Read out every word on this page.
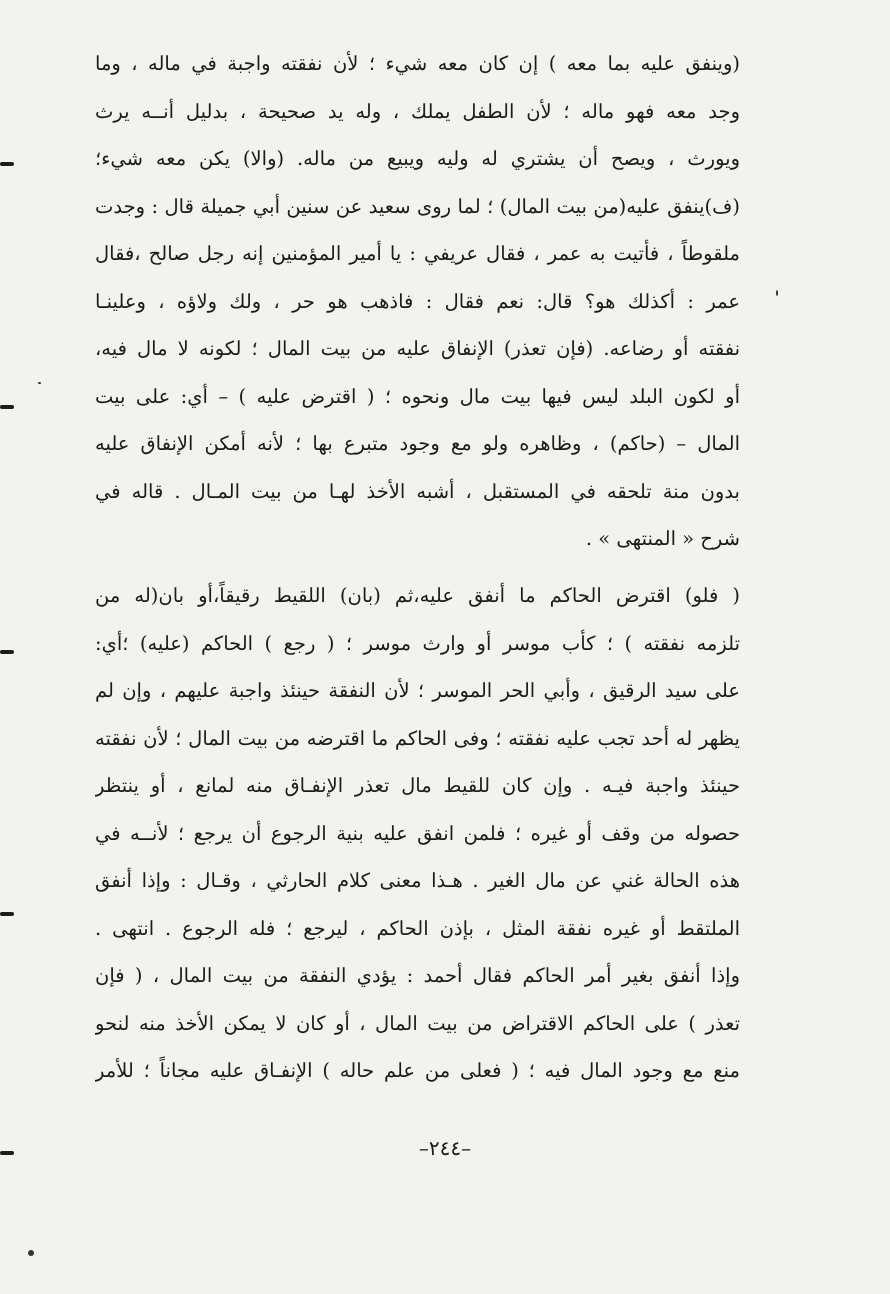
(وينفق عليه بما معه ) إن كان معه شيء ؛ لأن نفقته واجبة في ماله ، وما
وجد معه فهو ماله ؛ لأن الطفل يملك ، وله يد صحيحة ، بدليل أنــه يرث
ويورث ، ويصح أن يشتري له وليه ويبيع من ماله. (والا) يكن معه شيء؛
(ف)ينفق عليه(من بيت المال) ؛ لما روى سعيد عن سنين أبي جميلة قال : وجدت
ملقوطاً ، فأتيت به عمر ، فقال عريفي : يا أمير المؤمنين إنه رجل صالح ،فقال
عمر : أكذلك هو؟ قال: نعم فقال : فاذهب هو حر ، ولك ولاؤه ، وعلينـا
نفقته أو رضاعه. (فإن تعذر) الإنفاق عليه من بيت المال ؛ لكونه لا مال فيه،
أو لكون البلد ليس فيها بيت مال ونحوه ؛ ( اقترض عليه ) – أي: على بيت
المال – (حاكم) ، وظاهره ولو مع وجود متبرع بها ؛ لأنه أمكن الإنفاق عليه
بدون منة تلحقه في المستقبل ، أشبه الأخذ لهـا من بيت المـال . قاله في
شرح « المنتهى » .
( فلو) اقترض الحاكم ما أنفق عليه،ثم (بان) اللقيط رقيقاً،أو بان(له من
تلزمه نفقته ) ؛ كأب موسر أو وارث موسر ؛ ( رجع ) الحاكم (عليه) ؛أي:
على سيد الرقيق ، وأبي الحر الموسر ؛ لأن النفقة حينئذ واجبة عليهم ، وإن لم
يظهر له أحد تجب عليه نفقته ؛ وفى الحاكم ما اقترضه من بيت المال ؛ لأن نفقته
حينئذ واجبة فيـه . وإن كان للقيط مال تعذر الإنفـاق منه لمانع ، أو ينتظر
حصوله من وقف أو غيره ؛ فلمن انفق عليه بنية الرجوع أن يرجع ؛ لأنــه في
هذه الحالة غني عن مال الغير . هـذا معنى كلام الحارثي ، وقـال : وإذا أنفق
الملتقط أو غيره نفقة المثل ، بإذن الحاكم ، ليرجع ؛ فله الرجوع . انتهى .
وإذا أنفق بغير أمر الحاكم فقال أحمد : يؤدي النفقة من بيت المال ، ( فإن
تعذر ) على الحاكم الاقتراض من بيت المال ، أو كان لا يمكن الأخذ منه لنحو
منع مع وجود المال فيه ؛ ( فعلى من علم حاله ) الإنفـاق عليه مجاناً ؛ للأمر
–٢٤٤–
